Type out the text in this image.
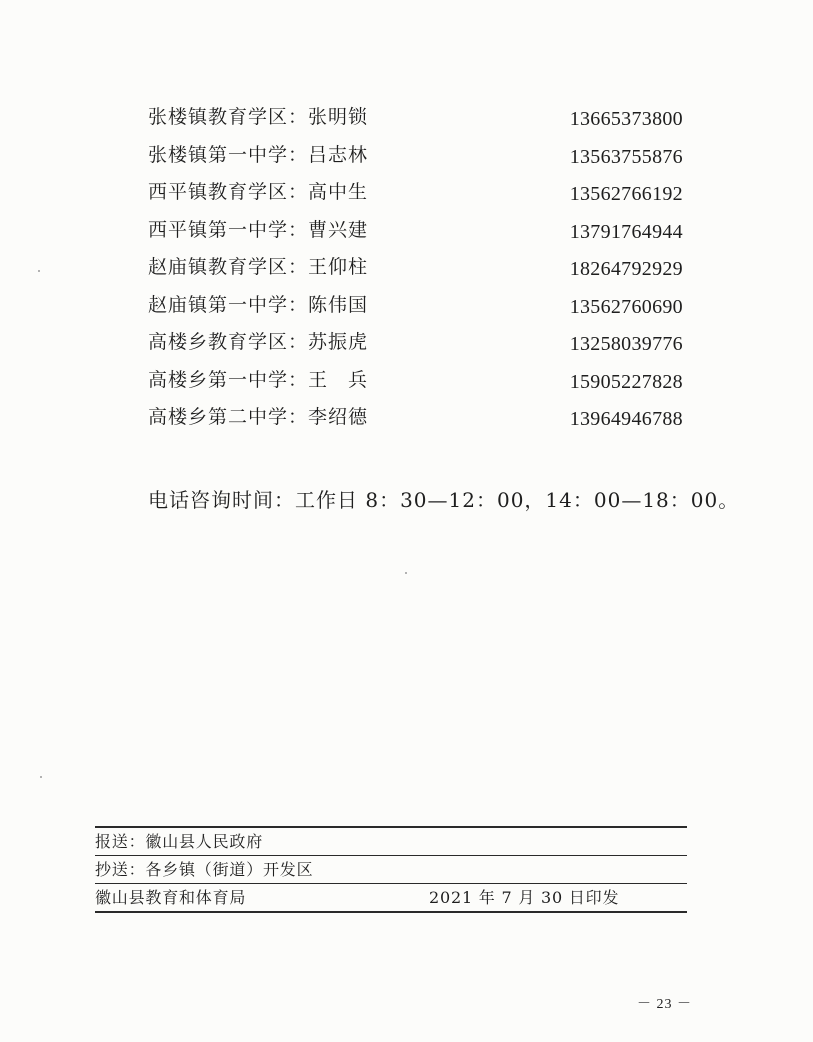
张楼镇教育学区：张明锁	13665373800
张楼镇第一中学：吕志林	13563755876
西平镇教育学区：高中生	13562766192
西平镇第一中学：曹兴建	13791764944
赵庙镇教育学区：王仰柱	18264792929
赵庙镇第一中学：陈伟国	13562760690
高楼乡教育学区：苏振虎	13258039776
高楼乡第一中学：王　兵	15905227828
高楼乡第二中学：李绍德	13964946788
电话咨询时间：工作日 8：30—12：00，14：00—18：00。
报送：徽山县人民政府
抄送：各乡镇（街道）开发区
徽山县教育和体育局	2021 年 7 月 30 日印发
－ 23 －
